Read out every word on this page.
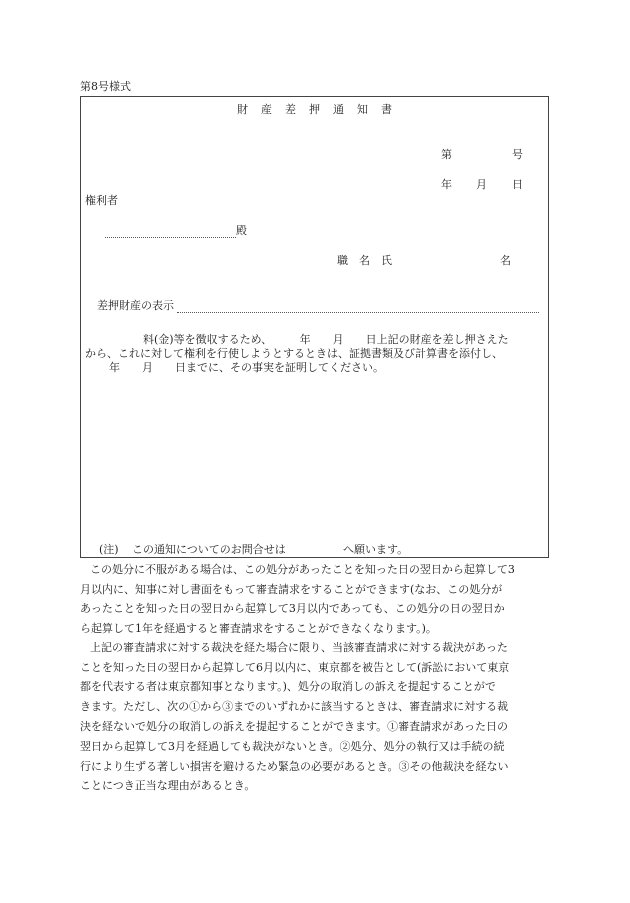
第8号様式
財　産　差　押　通　知　書
第	号
年 月 日
権利者
殿
職　名　氏	名
差押財産の表示
料(金)等を徴収するため、　　　年　　月　　日上記の財産を差し押さえた
から、これに対して権利を行使しようとするときは、証拠書類及び計算書を添付し、
年　　月　　日までに、その事実を証明してください。
(注) この通知についてのお問合せは	へ願います。
この処分に不服がある場合は、この処分があったことを知った日の翌日から起算して3
月以内に、知事に対し書面をもって審査請求をすることができます(なお、この処分が
あったことを知った日の翌日から起算して3月以内であっても、この処分の日の翌日か
ら起算して1年を経過すると審査請求をすることができなくなります。)。
上記の審査請求に対する裁決を経た場合に限り、当該審査請求に対する裁決があった
ことを知った日の翌日から起算して6月以内に、東京都を被告として(訴訟において東京
都を代表する者は東京都知事となります。)、処分の取消しの訴えを提起することがで
きます。ただし、次の①から③までのいずれかに該当するときは、審査請求に対する裁
決を経ないで処分の取消しの訴えを提起することができます。①審査請求があった日の
翌日から起算して3月を経過しても裁決がないとき。②処分、処分の執行又は手続の続
行により生ずる著しい損害を避けるため緊急の必要があるとき。③その他裁決を経ない
ことにつき正当な理由があるとき。
